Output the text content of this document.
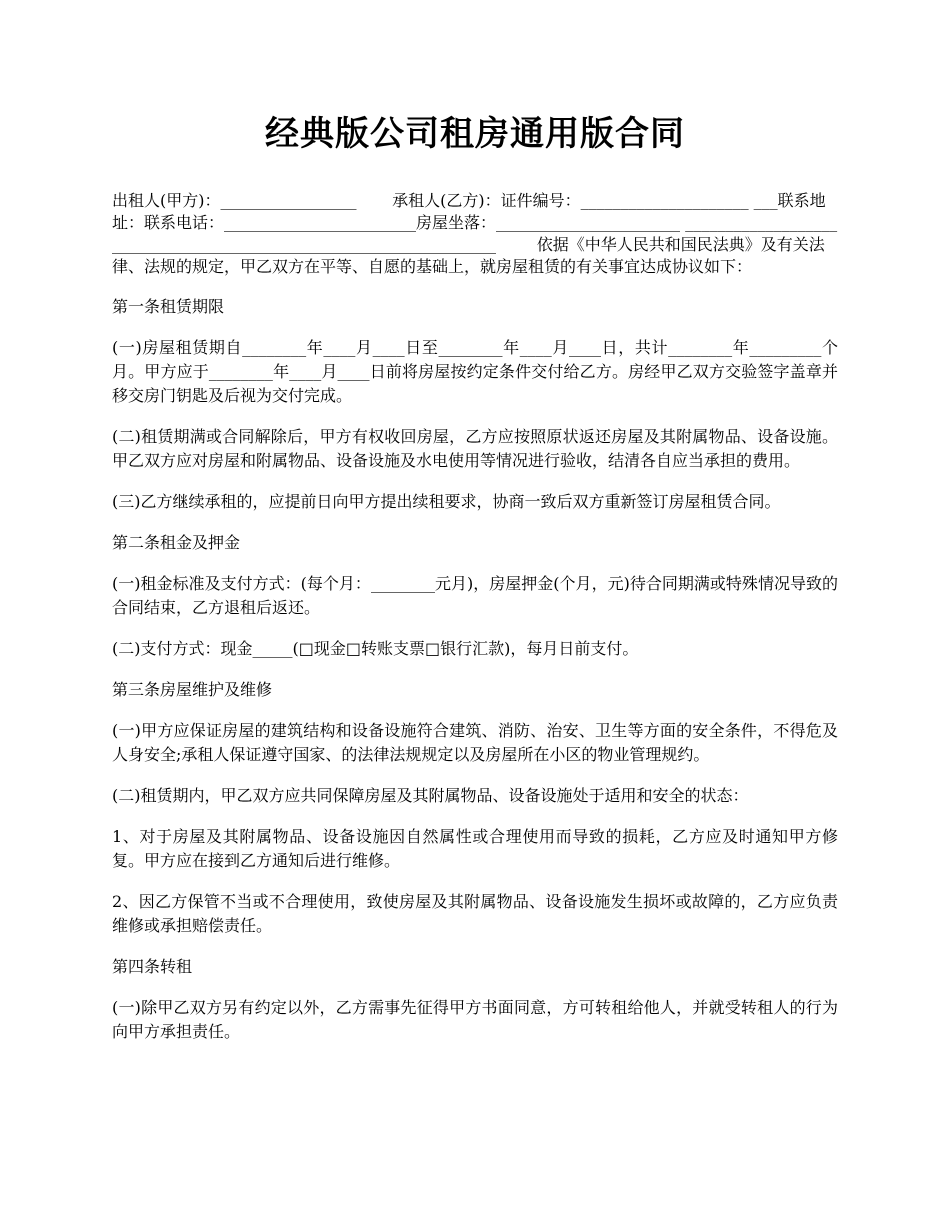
经典版公司租房通用版合同

出租人(甲方)：_________________       承租人(乙方)：证件编号：_____________________ ___联系地址：联系电话：________________________房屋坐落：_______________________ ___________________________________________________________________        依据《中华人民共和国民法典》及有关法律、法规的规定，甲乙双方在平等、自愿的基础上，就房屋租赁的有关事宜达成协议如下：

第一条租赁期限

(一)房屋租赁期自________年____月____日至________年____月____日，共计________年_________个月。甲方应于________年____月____日前将房屋按约定条件交付给乙方。房经甲乙双方交验签字盖章并移交房门钥匙及后视为交付完成。

(二)租赁期满或合同解除后，甲方有权收回房屋，乙方应按照原状返还房屋及其附属物品、设备设施。甲乙双方应对房屋和附属物品、设备设施及水电使用等情况进行验收，结清各自应当承担的费用。

(三)乙方继续承租的，应提前日向甲方提出续租要求，协商一致后双方重新签订房屋租赁合同。

第二条租金及押金

(一)租金标准及支付方式：(每个月：________元月)，房屋押金(个月，元)待合同期满或特殊情况导致的合同结束，乙方退租后返还。

(二)支付方式：现金_____(□现金□转账支票□银行汇款)，每月日前支付。

第三条房屋维护及维修

(一)甲方应保证房屋的建筑结构和设备设施符合建筑、消防、治安、卫生等方面的安全条件，不得危及人身安全;承租人保证遵守国家、的法律法规规定以及房屋所在小区的物业管理规约。

(二)租赁期内，甲乙双方应共同保障房屋及其附属物品、设备设施处于适用和安全的状态：

1、对于房屋及其附属物品、设备设施因自然属性或合理使用而导致的损耗，乙方应及时通知甲方修复。甲方应在接到乙方通知后进行维修。

2、因乙方保管不当或不合理使用，致使房屋及其附属物品、设备设施发生损坏或故障的，乙方应负责维修或承担赔偿责任。

第四条转租

(一)除甲乙双方另有约定以外，乙方需事先征得甲方书面同意，方可转租给他人，并就受转租人的行为向甲方承担责任。
